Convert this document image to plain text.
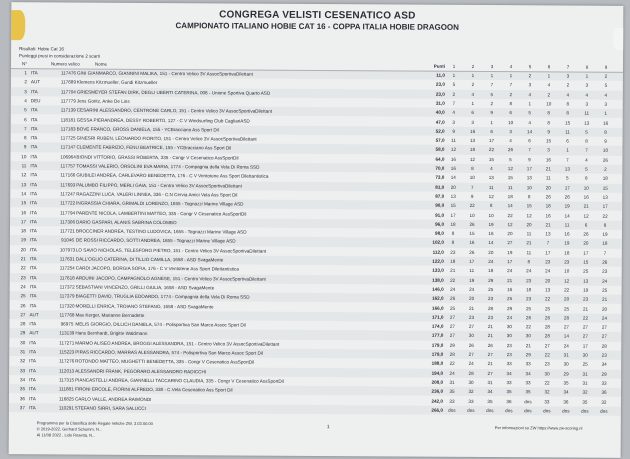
CONGREGA VELISTI CESENATICO ASD
CAMPIONATO ITALIANO HOBIE CAT 16 - COPPA ITALIA HOBIE DRAGOON
Risultati: Hobie Cat 16
Punteggi presi in considerazione 2 scarti
N°	Numero velico	Nome	Punti	1	2	3	4	5	6	7	8	9
1 ITA	117476 GINI GIANMARCO, GIANNINI MALIKA, 151 - Centro Velico 3V AssocSportivaDilettant	11,0	1	1	1	1	2	1	3	1	2
2 AUT	117689 Klemens Kitzmueller, Gundi Kitzmueller	23,0	5	2	7	7	3	4	2	3	5
3 ITA	117704 GRIESMEYER STEFAN DIRK, DEGLI UBERTI CATERINA, 008 - Unione Sportiva Quarto ASD	23,0	2	4	5	2	4	2	4	4	4
4 DEU	117779 Jens Goritz, Anke De Lins	31,0	7	1	2	8	1	10	8	3	3
5 ITA	117139 CESARINI ALESSANDRO, CENTRONE CARLO, 151 - Centro Velico 3V AssocSportivaDilettant	40,0	4	6	9	6	5	8	8	11	1
6 ITA	118181 GESSA PIERANDREA, DESSY ROBERTO, 127 - C V Windsurfing Club CagliariASD	47,0	3	3	1	10	4	8	15	13	16
7 ITA	117183 BOVE FRANCO, GROSS DANIELA, 155 - YCBracciano Ass Sport Dil	52,0	9	16	6	3	14	9	11	5	8
8 ITA	117725 GINESRI RUBEN, LEONARDO FIORITO, 151 - Centro Velico 3V AssocSportivaDilettant	57,0	11	13	17	4	6	15	6	8	9
9 ITA	117147 CLEMENTE FABRIZIO, FENU BEATRICE, 155 - YCBracciano Ass Sport Dil	58,0	12	18	22	26	7	3	1	7	10
10 ITA	106964 BIONDI VITTORIO, GRASSI ROBERTA, 335 - Congr V Cesenatico AssSportDil	64,0	16	12	15	5	9	16	7	4	26
11 ITA	117757 TOMASSI VALERIO, ORSOLINI EVA MARIA, 1774 - Compagnia della Vela Di Roma SSD	70,0	16	8	4	12	17	21	13	5	2
12 ITA	117166 GIUBILEI ANDREA, CARLEVARO BENEDETTA, 176 - C V Ventotene Ass Sport Dilettantistica	73,0	14	10	13	15	13	11	5	8	18
13 ITA	117693 PALUMBO FILIPPO, MERLI GAIA, 151 - Centro Velico 3V AssocSportivaDilettant	81,0	20	7	11	11	10	20	17	10	15
14 ITA	117247 RAGAZZINI LUCA, VALERI LINNEA, 336 - C.N Cervia Amici Vela Ass Sport Dil	87,0	13	9	12	18	8	26	26	16	13
15 ITA	117722 INGRASSIA CHIARA, GRIMALDI LORENZO, 1655 - Tognazzi Marine Village ASD	90,0	15	22	8	14	15	18	19	21	17
16 ITA	117794 PARENTE NICOLA, LAMBERTINI MATTEO, 335 - Congr V Cesenatico AssSportDil	91,0	17	10	10	22	12	16	14	12	22
17 ITA	117306 DARIO GASPARI, ALANIS SABRINA COLOMBO	96,0	18	26	19	12	20	21	11	6	8
18 ITA	117721 BROCCINER ANDREA, TESTINO LUDOVICA, 1655 - Tognazzi Marine Village ASD	98,0	8	15	16	20	11	13	16	26	19
19 ITA	91046 DE ROSSI RICCARDO, SOTTI ANDREA, 1655 - Tognazzi Marine Village ASD	102,0	8	16	14	27	21	7	19	20	18
20 ITA	107973 LO SAVIO NICHOLAS, TELESFORO PIETRO, 151 - Centro Velico 3V AssocSportivaDilettant	112,0	23	26	20	19	11	17	18	17	7
21 ITA	117631 DALL'OGLIO CATERINA, DI TILLIO CAMILLA, 1658 - ASD SvagaMente	122,0	18	17	24	17	8	23	23	15	26
22 ITA	117254 CARDI JACOPO, BORGIA SOFIA, 176 - C V Ventotene Ass Sport Dilettantistica	133,0	21	11	18	24	24	24	10	25	23
23 ITA	117618 ARDUINI JACOPO, CAMPAGNOLO AGNESE, 151 - Centro Velico 3V AssocSportivaDilettant	138,0	22	19	29	21	23	20	12	13	24
24 ITA	117372 SEBASTIANI VINCENZO, GRILLI GIULIA, 1658 - ASD SvagaMente	146,0	24	24	25	16	18	13	22	19	25
25 ITA	117379 BIAGETTI DAVID, TRUGLIA EDOARDO, 1774 - Compagnia della Vela Di Roma SSD	162,0	26	20	23	25	23	22	20	23	21
26 ITA	117320 MORELLI ENRICA, TROIANO STEFANO, 1658 - ASD SvagaMente	166,0	25	21	28	29	25	25	25	21	20
27 AUT	117768 Max Kerger, Marianne Bernadette	171,0	27	23	23	24	26	26	28	22	24
28 ITA	96975 MELIS GIORGIO, DILLICH DANIELA, 574 - Polisportiva San Marco Assoc Sport Dil	174,0	27	27	21	30	22	28	27	27	27
29 AUT	113139 Hans Bernhardt, Brigitte Waldmann	177,0	27	30	21	30	30	28	14	27	27
30 ITA	117271 MARMO ALISEO ANDREA, BROGGI ALESSANDRA, 151 - Centro Velico 3V AssocSportivaDilettant	179,0	29	26	26	23	21	27	24	17	28
31 ITA	115223 PIRAS RICCARDO, MARRAS ALESSANDRA, 574 - Polisportiva San Marco Assoc Sport Dil	179,0	28	27	27	23	29	22	31	30	23
32 ITA	117276 ROTONDO MATTEO, MUGHETTI BENEDETTA, 335 - Congr V Cesenatico AssSportDil	188,0	22	24	21	33	33	23	30	25	34
33 ITA	112013 ALESSANDRI FRANK, PEGORARO ALESSANDRO RADICCHI	194,0	24	28	27	34	34	30	29	31	29
34 ITA	117315 PIANCASTELLI ANDREA, GIANNELLI TACCARINO CLAUDIA, 335 - Congr V Cesenatico AssSportDil	208,0	31	30	31	33	33	22	35	31	33
35 ITA	111881 FIRONI ERCOLE, FIORINI ALFREDO, 338 - C.Vela Cesenatico Ass Sport Dil	236,0	35	32	34	35	35	32	34	32	36
36 ITA	116825 CARLO VALLE, ANDREA RAIMONDI	242,0	33	33	35	36	dns	33	36	35	32
37 ITA	110291 STEFANO SIRRI, SARA SALUCCI	266,0	dns	dns	dns	dns	dns	dns	dns	dns	dns
Programma per la Classifica delle Regate Veliche ZW, 3.03.00.00
© 2019-2022, Gerhard Schumm, N...
Al 11/08 2022 , Lido Rosetta, N...
1	Per informazioni su ZW https://www.zw-scoring.nl
